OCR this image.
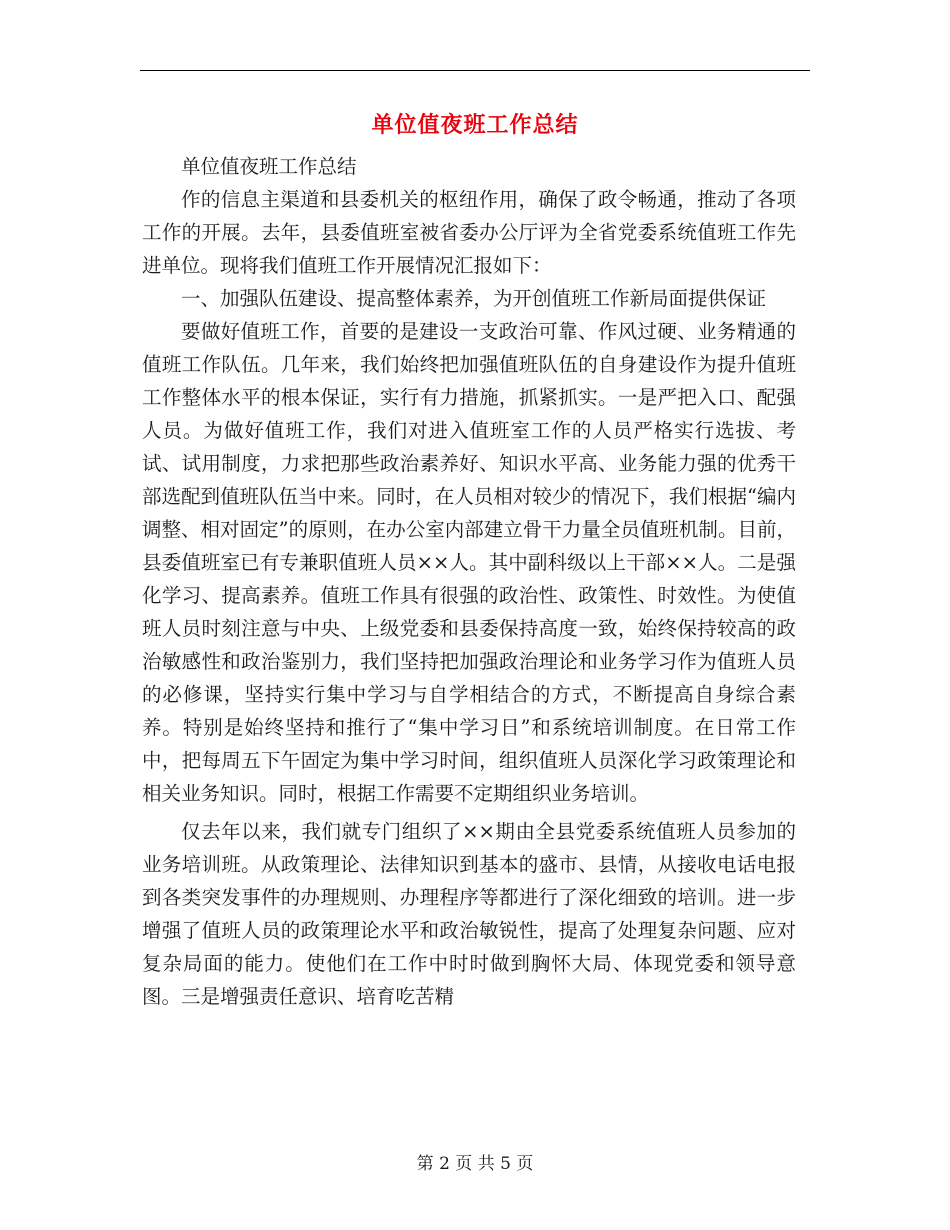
单位值夜班工作总结

单位值夜班工作总结

作的信息主渠道和县委机关的枢纽作用，确保了政令畅通，推动了各项工作的开展。去年，县委值班室被省委办公厅评为全省党委系统值班工作先进单位。现将我们值班工作开展情况汇报如下：

一、加强队伍建设、提高整体素养，为开创值班工作新局面提供保证

要做好值班工作，首要的是建设一支政治可靠、作风过硬、业务精通的值班工作队伍。几年来，我们始终把加强值班队伍的自身建设作为提升值班工作整体水平的根本保证，实行有力措施，抓紧抓实。一是严把入口、配强人员。为做好值班工作，我们对进入值班室工作的人员严格实行选拔、考试、试用制度，力求把那些政治素养好、知识水平高、业务能力强的优秀干部选配到值班队伍当中来。同时，在人员相对较少的情况下，我们根据“编内调整、相对固定”的原则，在办公室内部建立骨干力量全员值班机制。目前，县委值班室已有专兼职值班人员××人。其中副科级以上干部××人。二是强化学习、提高素养。值班工作具有很强的政治性、政策性、时效性。为使值班人员时刻注意与中央、上级党委和县委保持高度一致，始终保持较高的政治敏感性和政治鉴别力，我们坚持把加强政治理论和业务学习作为值班人员的必修课，坚持实行集中学习与自学相结合的方式，不断提高自身综合素养。特别是始终坚持和推行了“集中学习日”和系统培训制度。在日常工作中，把每周五下午固定为集中学习时间，组织值班人员深化学习政策理论和相关业务知识。同时，根据工作需要不定期组织业务培训。

仅去年以来，我们就专门组织了××期由全县党委系统值班人员参加的业务培训班。从政策理论、法律知识到基本的盛市、县情，从接收电话电报到各类突发事件的办理规则、办理程序等都进行了深化细致的培训。进一步增强了值班人员的政策理论水平和政治敏锐性，提高了处理复杂问题、应对复杂局面的能力。使他们在工作中时时做到胸怀大局、体现党委和领导意图。三是增强责任意识、培育吃苦精

第 2 页 共 5 页
